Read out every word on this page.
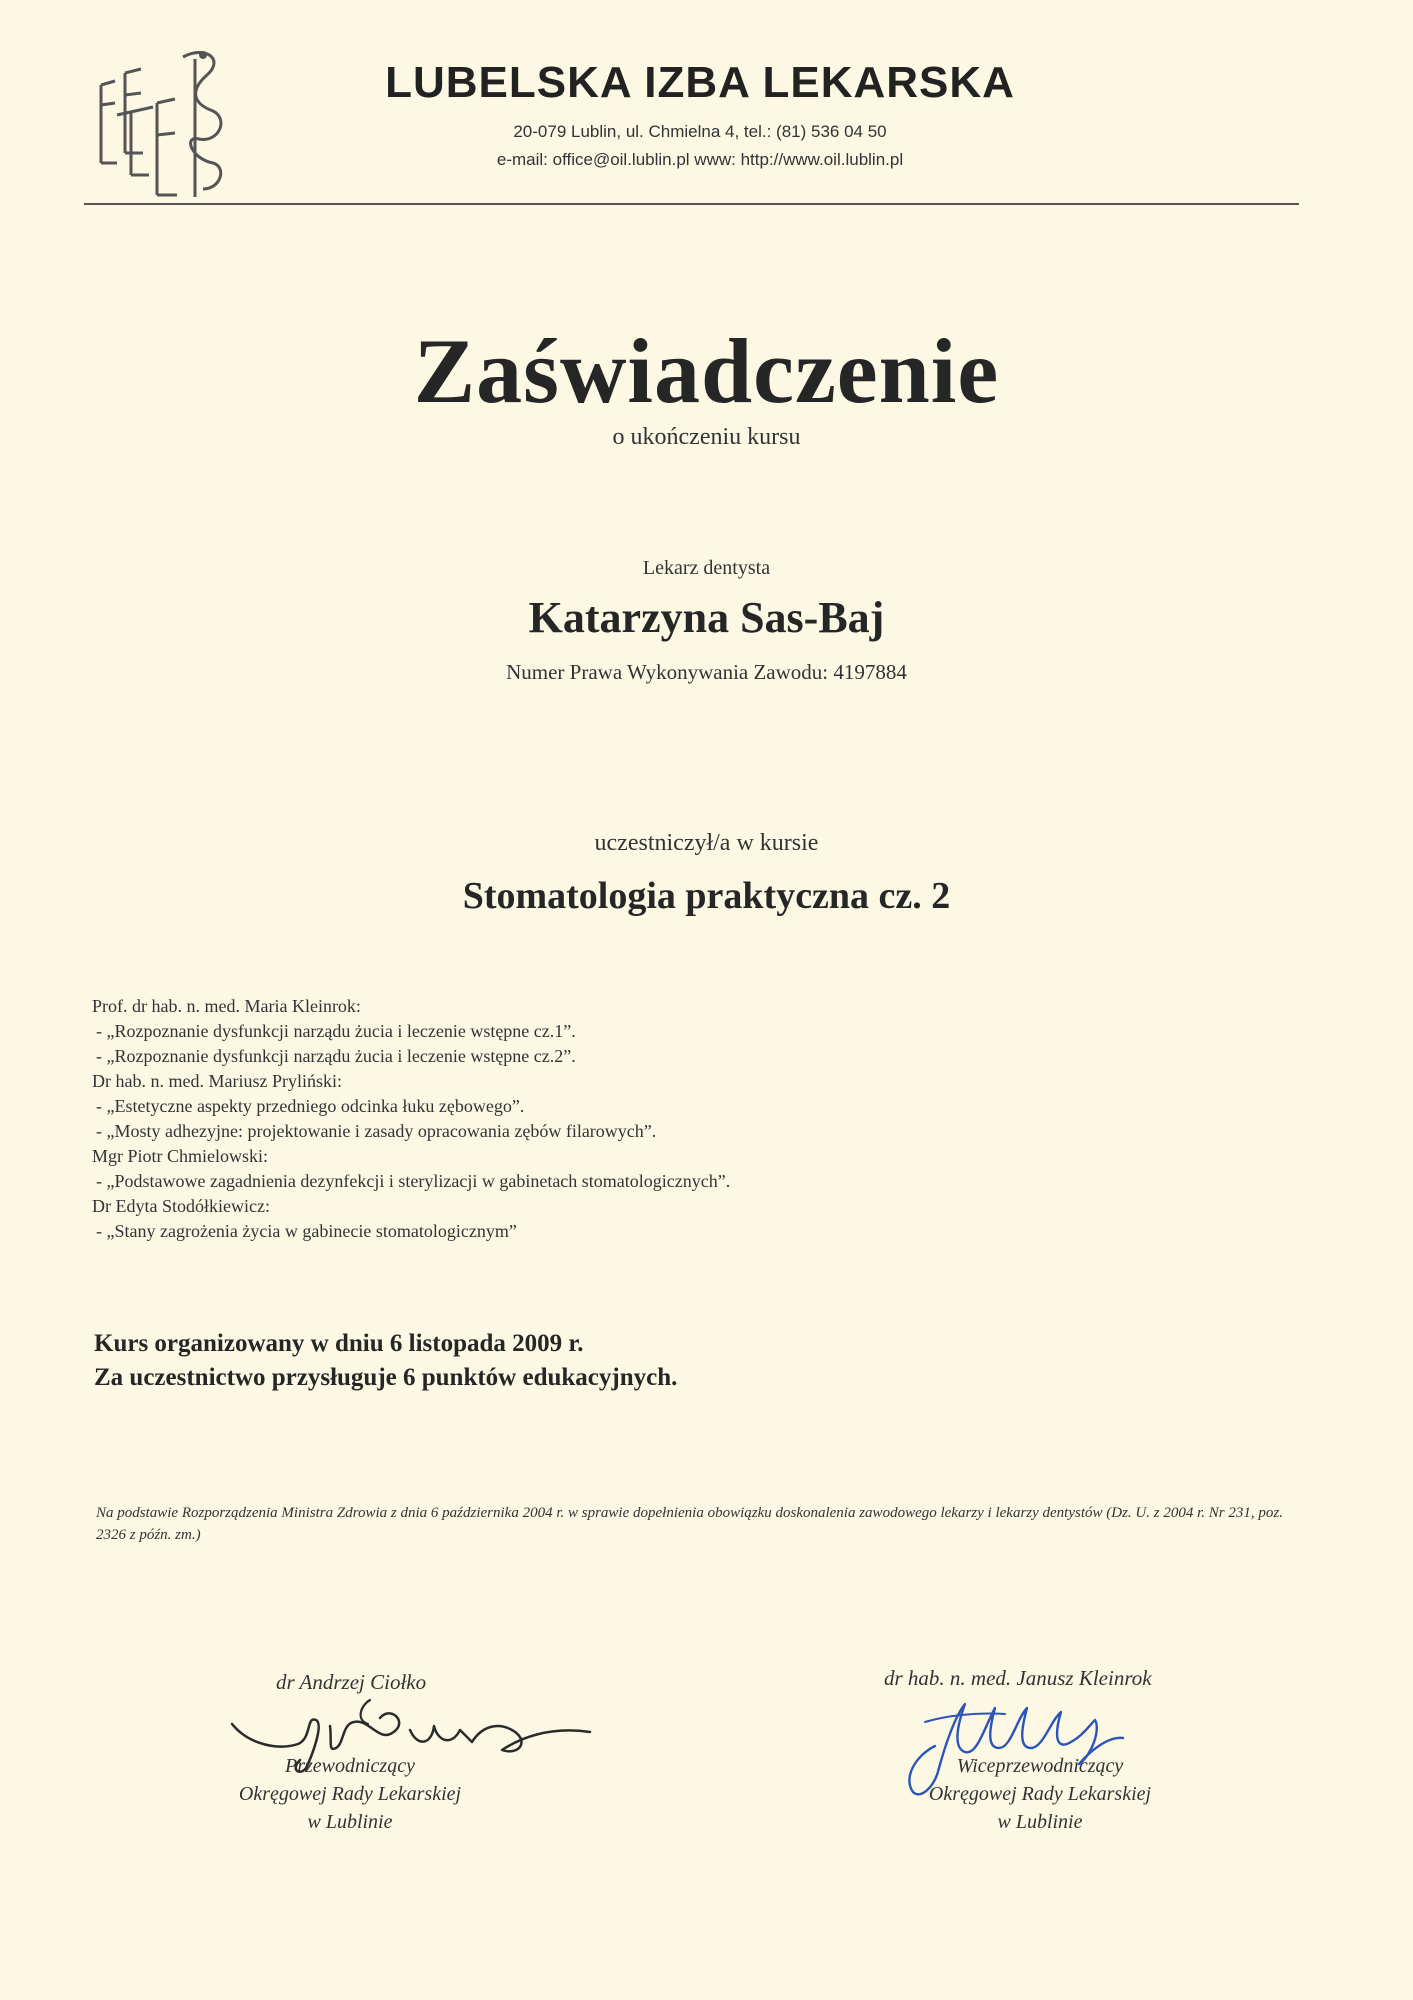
LUBELSKA IZBA LEKARSKA
20-079 Lublin, ul. Chmielna 4, tel.: (81) 536 04 50
e-mail: office@oil.lublin.pl www: http://www.oil.lublin.pl
Zaświadczenie
o ukończeniu kursu
Lekarz dentysta
Katarzyna Sas-Baj
Numer Prawa Wykonywania Zawodu: 4197884
uczestniczył/a w kursie
Stomatologia praktyczna cz. 2
Prof. dr hab. n. med. Maria Kleinrok:
- „Rozpoznanie dysfunkcji narządu żucia i leczenie wstępne cz.1”.
- „Rozpoznanie dysfunkcji narządu żucia i leczenie wstępne cz.2”.
Dr hab. n. med. Mariusz Pryliński:
- „Estetyczne aspekty przedniego odcinka łuku zębowego”.
- „Mosty adhezyjne: projektowanie i zasady opracowania zębów filarowych”.
Mgr Piotr Chmielowski:
- „Podstawowe zagadnienia dezynfekcji i sterylizacji w gabinetach stomatologicznych”.
Dr Edyta Stodółkiewicz:
- „Stany zagrożenia życia w gabinecie stomatologicznym”
Kurs organizowany w dniu 6 listopada 2009 r.
Za uczestnictwo przysługuje 6 punktów edukacyjnych.
Na podstawie Rozporządzenia Ministra Zdrowia z dnia 6 października 2004 r. w sprawie dopełnienia obowiązku doskonalenia zawodowego lekarzy i lekarzy dentystów (Dz. U. z 2004 r. Nr 231, poz. 2326 z późn. zm.)
dr Andrzej Ciołko
Przewodniczący
Okręgowej Rady Lekarskiej
w Lublinie
dr hab. n. med. Janusz Kleinrok
Wiceprzewodniczący
Okręgowej Rady Lekarskiej
w Lublinie
